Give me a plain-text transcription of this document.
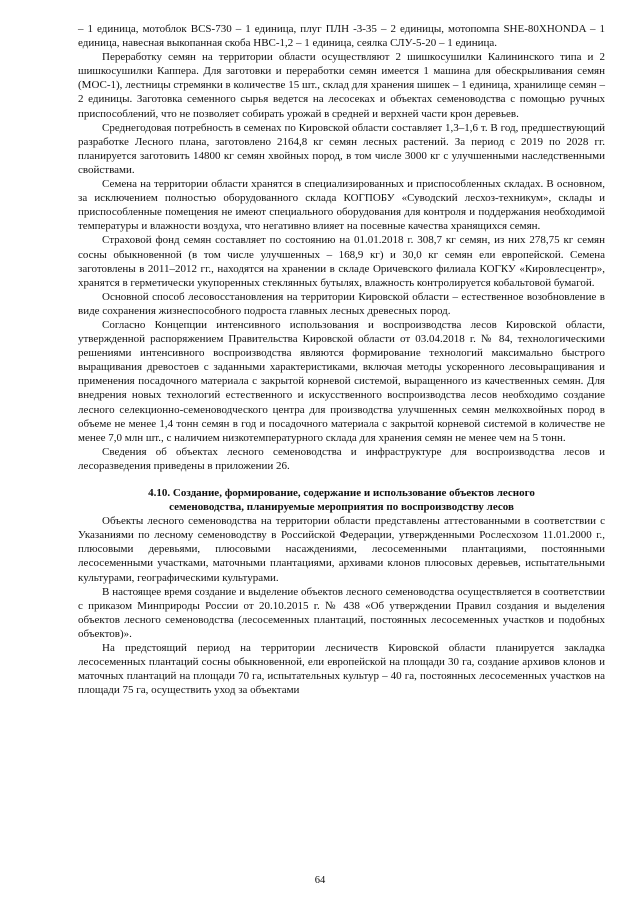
– 1 единица, мотоблок BCS-730 – 1 единица, плуг ПЛН -3-35 – 2 единицы, мотопомпа SHE-80XHONDA – 1 единица, навесная выкопанная скоба НВС-1,2 – 1 единица, сеялка СЛУ-5-20 – 1 единица.

Переработку семян на территории области осуществляют 2 шишкосушилки Калининского типа и 2 шишкосушилки Каппера. Для заготовки и переработки семян имеется 1 машина для обескрыливания семян (МОС-1), лестницы стремянки в количестве 15 шт., склад для хранения шишек – 1 единица, хранилище семян – 2 единицы. Заготовка семенного сырья ведется на лесосеках и объектах семеноводства с помощью ручных приспособлений, что не позволяет собирать урожай в средней и верхней части крон деревьев.

Среднегодовая потребность в семенах по Кировской области составляет 1,3–1,6 т. В год, предшествующий разработке Лесного плана, заготовлено 2164,8 кг семян лесных растений. За период с 2019 по 2028 гг. планируется заготовить 14800 кг семян хвойных пород, в том числе 3000 кг с улучшенными наследственными свойствами.

Семена на территории области хранятся в специализированных и приспособленных складах. В основном, за исключением полностью оборудованного склада КОГПОБУ «Суводский лесхоз-техникум», склады и приспособленные помещения не имеют специального оборудования для контроля и поддержания необходимой температуры и влажности воздуха, что негативно влияет на посевные качества хранящихся семян.

Страховой фонд семян составляет по состоянию на 01.01.2018 г. 308,7 кг семян, из них 278,75 кг семян сосны обыкновенной (в том числе улучшенных – 168,9 кг) и 30,0 кг семян ели европейской. Семена заготовлены в 2011–2012 гг., находятся на хранении в складе Оричевского филиала КОГКУ «Кировлесцентр», хранятся в герметически укупоренных стеклянных бутылях, влажность контролируется кобальтовой бумагой.

Основной способ лесовосстановления на территории Кировской области – естественное возобновление в виде сохранения жизнеспособного подроста главных лесных древесных пород.

Согласно Концепции интенсивного использования и воспроизводства лесов Кировской области, утвержденной распоряжением Правительства Кировской области от 03.04.2018 г. № 84, технологическими решениями интенсивного воспроизводства являются формирование технологий максимально быстрого выращивания древостоев с заданными характеристиками, включая методы ускоренного лесовыращивания и применения посадочного материала с закрытой корневой системой, выращенного из качественных семян. Для внедрения новых технологий естественного и искусственного воспроизводства лесов необходимо создание лесного селекционно-семеноводческого центра для производства улучшенных семян мелкохвойных пород в объеме не менее 1,4 тонн семян в год и посадочного материала с закрытой корневой системой в количестве не менее 7,0 млн шт., с наличием низкотемпературного склада для хранения семян не менее чем на 5 тонн.

Сведения об объектах лесного семеноводства и инфраструктуре для воспроизводства лесов и лесоразведения приведены в приложении 26.

4.10. Создание, формирование, содержание и использование объектов лесного
семеноводства, планируемые мероприятия по воспроизводству лесов

Объекты лесного семеноводства на территории области представлены аттестованными в соответствии с Указаниями по лесному семеноводству в Российской Федерации, утвержденными Рослесхозом 11.01.2000 г., плюсовыми деревьями, плюсовыми насаждениями, лесосеменными плантациями, постоянными лесосеменными участками, маточными плантациями, архивами клонов плюсовых деревьев, испытательными культурами, географическими культурами.

В настоящее время создание и выделение объектов лесного семеноводства осуществляется в соответствии с приказом Минприроды России от 20.10.2015 г. № 438 «Об утверждении Правил создания и выделения объектов лесного семеноводства (лесосеменных плантаций, постоянных лесосеменных участков и подобных объектов)».

На предстоящий период на территории лесничеств Кировской области планируется закладка лесосеменных плантаций сосны обыкновенной, ели европейской на площади 30 га, создание архивов клонов и маточных плантаций на площади 70 га, испытательных культур – 40 га, постоянных лесосеменных участков на площади 75 га, осуществить уход за объектами

64
